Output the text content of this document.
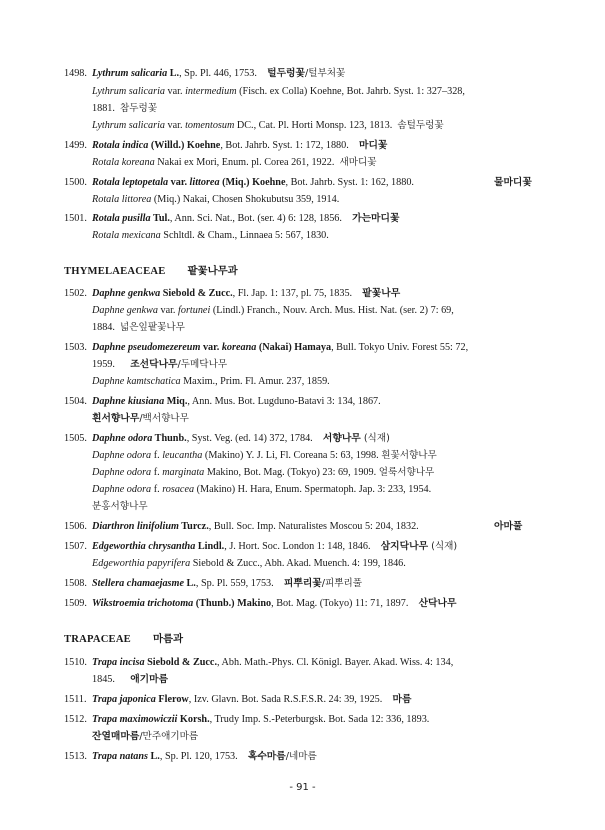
1498. Lythrum salicaria L., Sp. Pl. 446, 1753. 털두렁꽃/털부처꽃
Lythrum salicaria var. intermedium (Fisch. ex Colla) Koehne, Bot. Jahrb. Syst. 1: 327–328,
1881. 참두렁꽃
Lythrum salicaria var. tomentosum DC., Cat. Pl. Horti Monsp. 123, 1813. 솜털두렁꽃
1499. Rotala indica (Willd.) Koehne, Bot. Jahrb. Syst. 1: 172, 1880. 마디꽃
Rotala koreana Nakai ex Mori, Enum. pl. Corea 261, 1922. 새마디꽃
1500. Rotala leptopetala var. littorea (Miq.) Koehne, Bot. Jahrb. Syst. 1: 162, 1880.	물마디꽃
Rotala littorea (Miq.) Nakai, Chosen Shokubutsu 359, 1914.
1501. Rotala pusilla Tul., Ann. Sci. Nat., Bot. (ser. 4) 6: 128, 1856. 가는마디꽃
Rotala mexicana Schltdl. & Cham., Linnaea 5: 567, 1830.
THYMELAEACEAE 팥꽃나무과
1502. Daphne genkwa Siebold & Zucc., Fl. Jap. 1: 137, pl. 75, 1835. 팥꽃나무
Daphne genkwa var. fortunei (Lindl.) Franch., Nouv. Arch. Mus. Hist. Nat. (ser. 2) 7: 69,
1884. 넓은잎팥꽃나무
1503. Daphne pseudomezereum var. koreana (Nakai) Hamaya, Bull. Tokyo Univ. Forest 55: 72,
1959. 조선닥나무/두메닥나무
Daphne kamtschatica Maxim., Prim. Fl. Amur. 237, 1859.
1504. Daphne kiusiana Miq., Ann. Mus. Bot. Lugduno-Batavi 3: 134, 1867.
흰서향나무/백서향나무
1505. Daphne odora Thunb., Syst. Veg. (ed. 14) 372, 1784. 서향나무 (식재)
Daphne odora f. leucantha (Makino) Y. J. Li, Fl. Coreana 5: 63, 1998. 흰꽃서향나무
Daphne odora f. marginata Makino, Bot. Mag. (Tokyo) 23: 69, 1909. 얼룩서향나무
Daphne odora f. rosacea (Makino) H. Hara, Enum. Spermatoph. Jap. 3: 233, 1954.
분홍서향나무
1506. Diarthron linifolium Turcz., Bull. Soc. Imp. Naturalistes Moscou 5: 204, 1832.	아마풀
1507. Edgeworthia chrysantha Lindl., J. Hort. Soc. London 1: 148, 1846. 삼지닥나무 (식재)
Edgeworthia papyrifera Siebold & Zucc., Abh. Akad. Muench. 4: 199, 1846.
1508. Stellera chamaejasme L., Sp. Pl. 559, 1753. 피뿌리꽃/피뿌리풀
1509. Wikstroemia trichotoma (Thunb.) Makino, Bot. Mag. (Tokyo) 11: 71, 1897. 산닥나무
TRAPACEAE 마름과
1510. Trapa incisa Siebold & Zucc., Abh. Math.-Phys. Cl. Königl. Bayer. Akad. Wiss. 4: 134,
1845. 애기마름
1511. Trapa japonica Flerow, Izv. Glavn. Bot. Sada R.S.F.S.R. 24: 39, 1925. 마름
1512. Trapa maximowiczii Korsh., Trudy Imp. S.-Peterburgsk. Bot. Sada 12: 336, 1893.
잔열매마름/만주애기마름
1513. Trapa natans L., Sp. Pl. 120, 1753. 혹수마름/네마름
- 91 -
